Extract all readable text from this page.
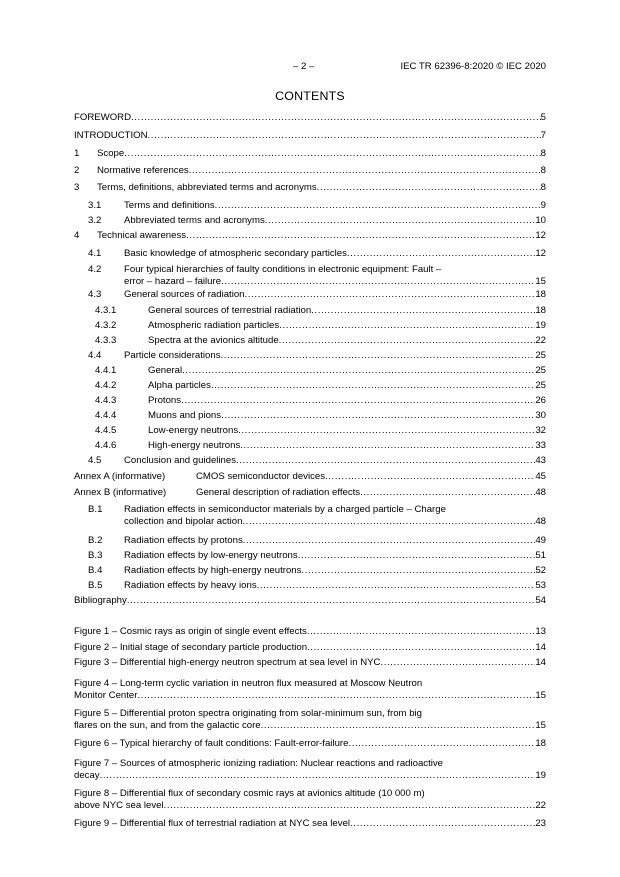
– 2 –	IEC TR 62396-8:2020 © IEC 2020
CONTENTS
FOREWORD .....	5
INTRODUCTION .....	7
1	Scope .....	8
2	Normative references .....	8
3	Terms, definitions, abbreviated terms and acronyms .....	8
3.1	Terms and definitions .....	9
3.2	Abbreviated terms and acronyms .....	10
4	Technical awareness .....	12
4.1	Basic knowledge of atmospheric secondary particles .....	12
4.2	Four typical hierarchies of faulty conditions in electronic equipment: Fault –
error – hazard – failure .....	15
4.3	General sources of radiation .....	18
4.3.1	General sources of terrestrial radiation .....	18
4.3.2	Atmospheric radiation particles .....	19
4.3.3	Spectra at the avionics altitude .....	22
4.4	Particle considerations .....	25
4.4.1	General .....	25
4.4.2	Alpha particles .....	25
4.4.3	Protons .....	26
4.4.4	Muons and pions .....	30
4.4.5	Low-energy neutrons .....	32
4.4.6	High-energy neutrons .....	33
4.5	Conclusion and guidelines .....	43
Annex A (informative)	CMOS semiconductor devices .....	45
Annex B (informative)	General description of radiation effects .....	48
B.1	Radiation effects in semiconductor materials by a charged particle – Charge
collection and bipolar action .....	48
B.2	Radiation effects by protons .....	49
B.3	Radiation effects by low-energy neutrons .....	51
B.4	Radiation effects by high-energy neutrons .....	52
B.5	Radiation effects by heavy ions .....	53
Bibliography .....	54
Figure 1 – Cosmic rays as origin of single event effects .....	13
Figure 2 – Initial stage of secondary particle production .....	14
Figure 3 – Differential high-energy neutron spectrum at sea level in NYC .....	14
Figure 4 – Long-term cyclic variation in neutron flux measured at Moscow Neutron
Monitor Center .....	15
Figure 5 – Differential proton spectra originating from solar-minimum sun, from big
flares on the sun, and from the galactic core .....	15
Figure 6 – Typical hierarchy of fault conditions: Fault-error-failure .....	18
Figure 7 – Sources of atmospheric ionizing radiation: Nuclear reactions and radioactive
decay .....	19
Figure 8 – Differential flux of secondary cosmic rays at avionics altitude (10 000 m)
above NYC sea level .....	22
Figure 9 – Differential flux of terrestrial radiation at NYC sea level .....	23
